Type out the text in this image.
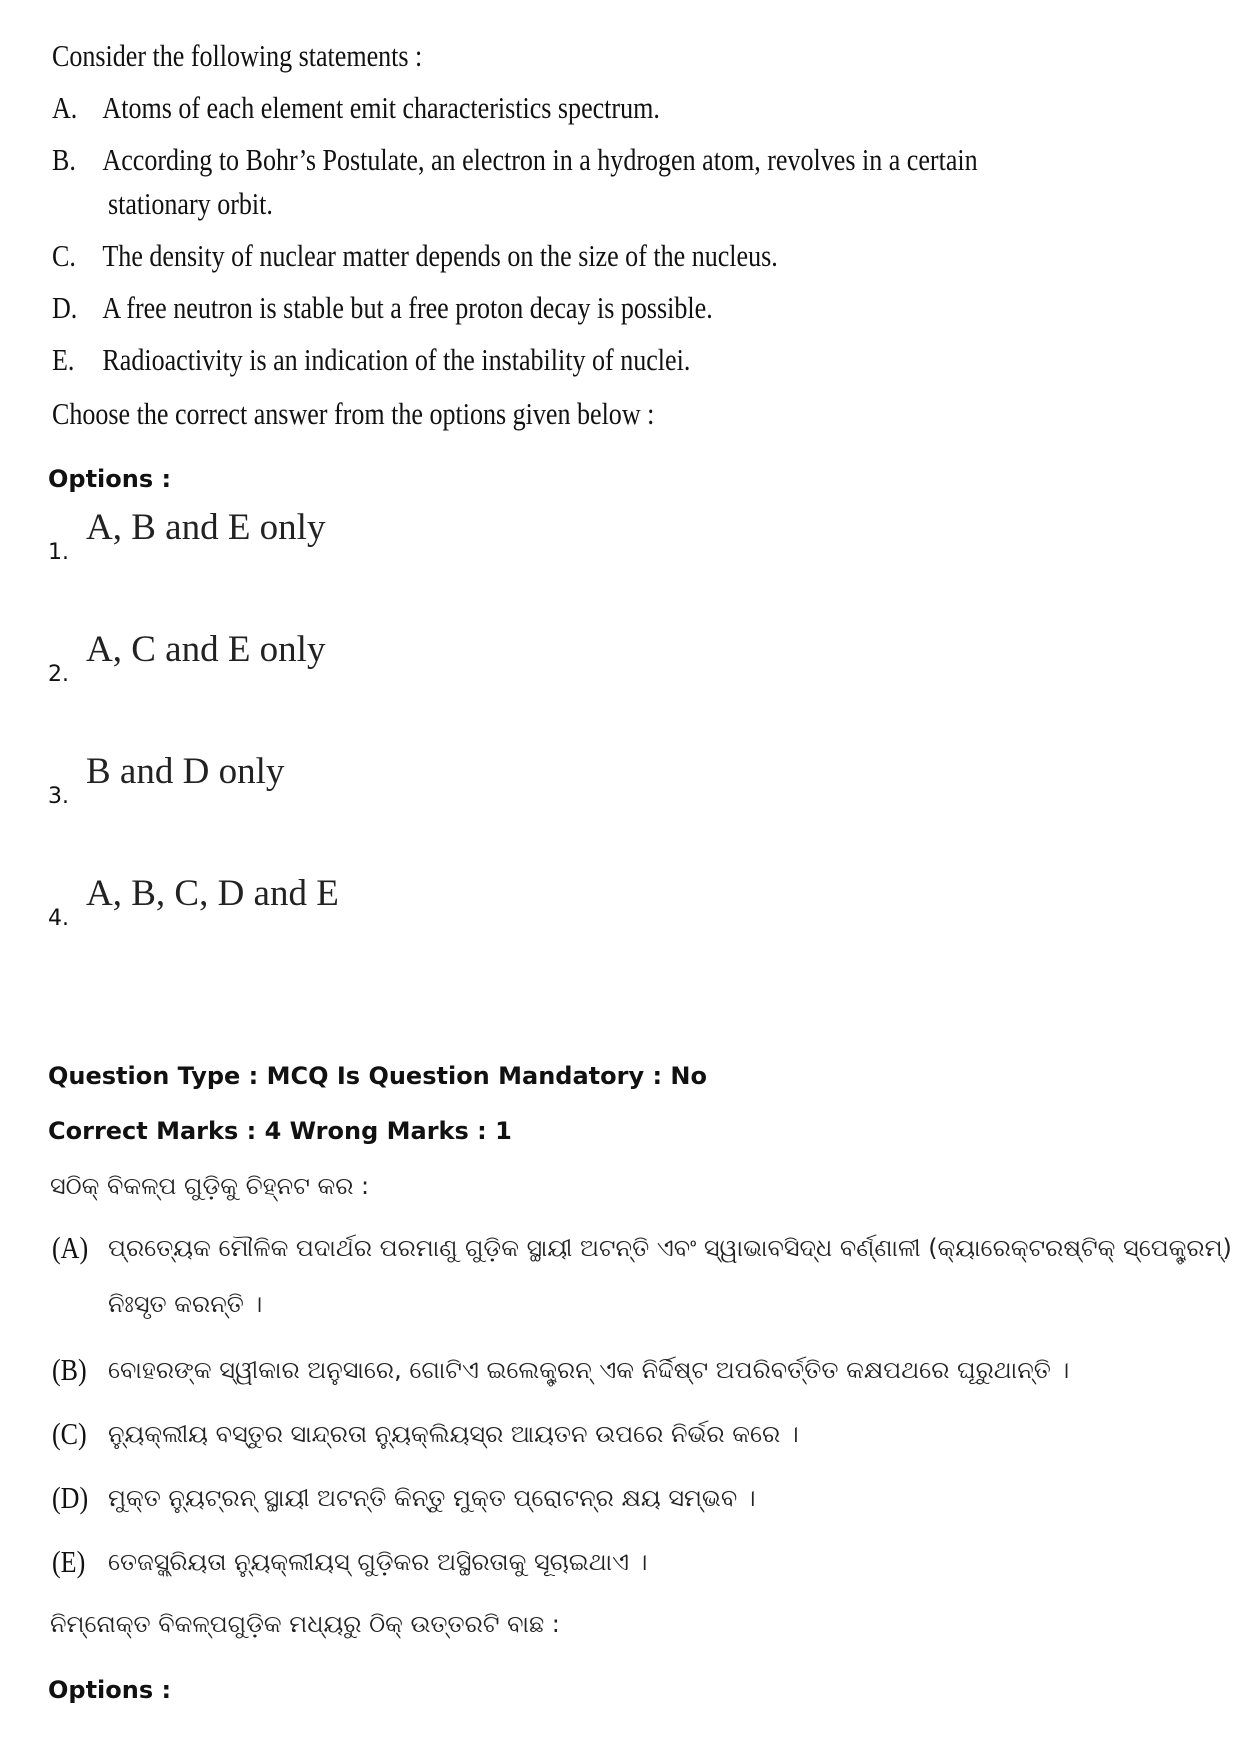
Consider the following statements :
A. Atoms of each element emit characteristics spectrum.
B. According to Bohr’s Postulate, an electron in a hydrogen atom, revolves in a certain
stationary orbit.
C. The density of nuclear matter depends on the size of the nucleus.
D. A free neutron is stable but a free proton decay is possible.
E. Radioactivity is an indication of the instability of nuclei.
Choose the correct answer from the options given below :
Options :
1.
A, B and E only
2.
A, C and E only
3.
B and D only
4.
A, B, C, D and E
Question Type : MCQ Is Question Mandatory : No
Correct Marks : 4 Wrong Marks : 1
ସଠିକ୍ ବିକଳ୍ପ ଗୁଡ଼ିକୁ ଚିହ୍ନଟ କର :
(A) ପ୍ରତ୍ୟେକ ମୌଳିକ ପଦାର୍ଥର ପରମାଣୁ ଗୁଡ଼ିକ ସ୍ଥାୟୀ ଅଟନ୍ତି ଏବଂ ସ୍ୱାଭାବସିଦ୍ଧ ବର୍ଣ୍ଣାଳୀ (କ୍ୟାରେକ୍ଟରଷ୍ଟିକ୍ ସ୍ପେକ୍ଟ୍ରମ୍)
ନିଃସୃତ କରନ୍ତି ।
(B) ବୋହରଙ୍କ ସ୍ୱୀକାର ଅନୁସାରେ, ଗୋଟିଏ ଇଲେକ୍ଟ୍ରନ୍ ଏକ ନିର୍ଦ୍ଦିଷ୍ଟ ଅପରିବର୍ତ୍ତିତ କକ୍ଷପଥରେ ଘୂରୁଥାନ୍ତି ।
(C) ନ୍ୟୁକ୍ଲୀୟ ବସ୍ତୁର ସାନ୍ଦ୍ରତା ନ୍ୟୁକ୍ଲିୟସ୍‌ର ଆୟତନ ଉପରେ ନିର୍ଭର କରେ ।
(D) ମୁକ୍ତ ନ୍ୟୁଟ୍ରନ୍ ସ୍ଥାୟୀ ଅଟନ୍ତି କିନ୍ତୁ ମୁକ୍ତ ପ୍ରୋଟନ୍‌ର କ୍ଷୟ ସମ୍ଭବ ।
(E) ତେଜସ୍କ୍ରିୟତା ନ୍ୟୁକ୍ଲୀୟସ୍ ଗୁଡ଼ିକର ଅସ୍ଥିରତାକୁ ସୂଚାଇଥାଏ ।
ନିମ୍ନୋକ୍ତ ବିକଳ୍ପଗୁଡ଼ିକ ମଧ୍ୟରୁ ଠିକ୍ ଉତ୍ତରଟି ବାଛ :
Options :
